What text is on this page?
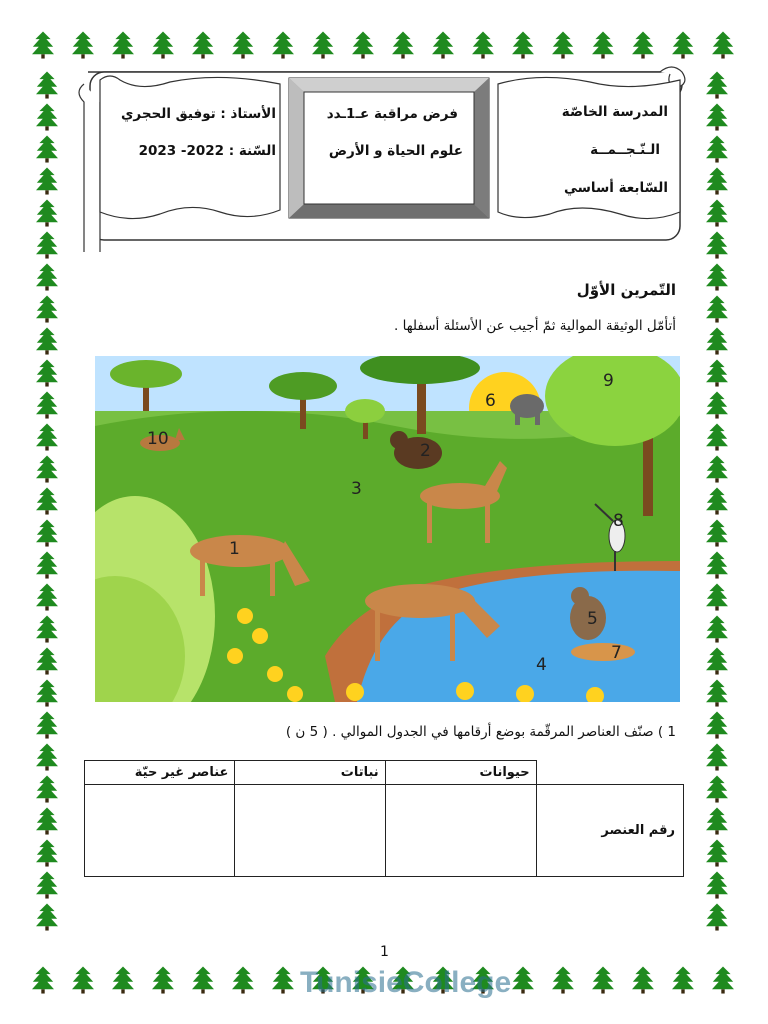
الأستاذ : توفيق الحجري
السّنة : 2022- 2023
فرض مراقبة عـ1ـدد
علوم الحياة و الأرض
المدرسة الخاصّة
الـنّـجــمــة
السّابعة أساسي
التّمرين الأوّل
أتأمّل الوثيقة الموالية ثمّ أجيب عن الأسئلة أسفلها .
1
2
3
4
5
6
7
8
9
10
1 ) صنّف العناصر المرقّمة بوضع أرقامها في الجدول الموالي . ( 5 ن )
عناصر غير حيّة	نباتات	حيوانات	
			رقم العنصر
1
TunisieCollege
